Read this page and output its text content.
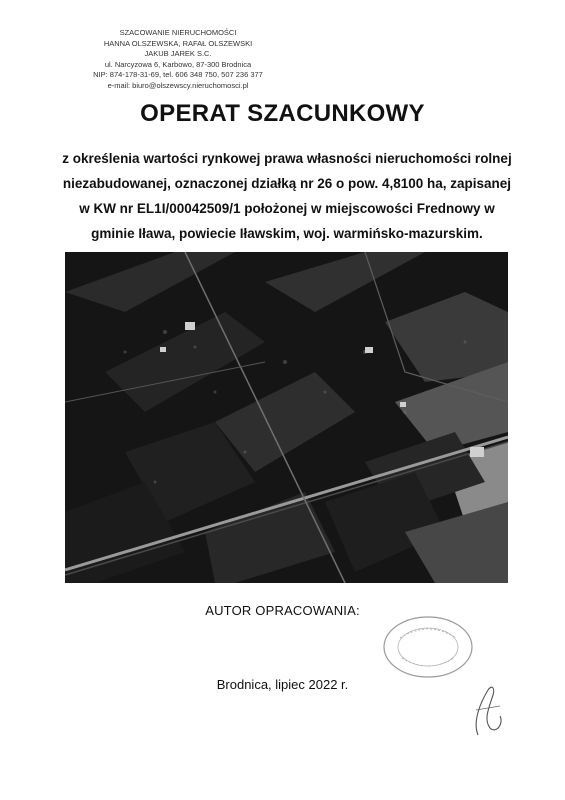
SZACOWANIE NIERUCHOMOŚCI
HANNA OLSZEWSKA, RAFAŁ OLSZEWSKI
JAKUB JAREK S.C.
ul. Narcyzowa 6, Karbowo, 87-300 Brodnica
NIP: 874-178-31-69, tel. 606 348 750, 507 236 377
e-mail: biuro@olszewscy.nieruchomosci.pl
OPERAT SZACUNKOWY
z określenia wartości rynkowej prawa własności nieruchomości rolnej
niezabudowanej, oznaczonej działką nr 26 o pow. 4,8100 ha, zapisanej
w KW nr EL1I/00042509/1 położonej w miejscowości Frednowy w
gminie Iława, powiecie Iławskim, woj. warmińsko-mazurskim.
AUTOR OPRACOWANIA:
Brodnica, lipiec 2022 r.
